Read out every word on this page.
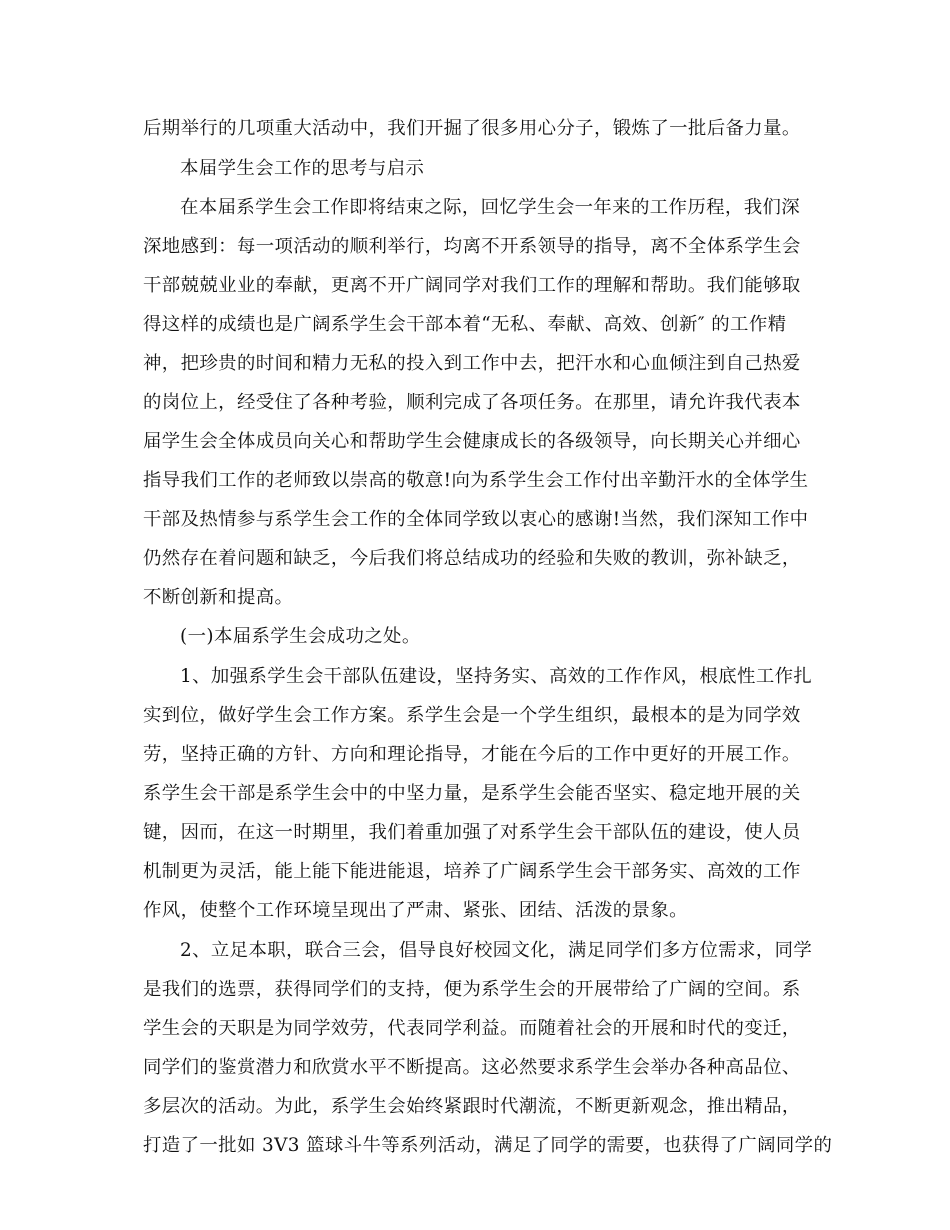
后期举行的几项重大活动中，我们开掘了很多用心分子，锻炼了一批后备力量。
本届学生会工作的思考与启示
在本届系学生会工作即将结束之际，回忆学生会一年来的工作历程，我们深
深地感到：每一项活动的顺利举行，均离不开系领导的指导，离不全体系学生会
干部兢兢业业的奉献，更离不开广阔同学对我们工作的理解和帮助。我们能够取
得这样的成绩也是广阔系学生会干部本着“无私、奉献、高效、创新″ 的工作精
神，把珍贵的时间和精力无私的投入到工作中去，把汗水和心血倾注到自己热爱
的岗位上，经受住了各种考验，顺利完成了各项任务。在那里，请允许我代表本
届学生会全体成员向关心和帮助学生会健康成长的各级领导，向长期关心并细心
指导我们工作的老师致以崇高的敬意!向为系学生会工作付出辛勤汗水的全体学生
干部及热情参与系学生会工作的全体同学致以衷心的感谢!当然，我们深知工作中
仍然存在着问题和缺乏，今后我们将总结成功的经验和失败的教训，弥补缺乏，
不断创新和提高。
(一)本届系学生会成功之处。
1、加强系学生会干部队伍建设，坚持务实、高效的工作作风，根底性工作扎
实到位，做好学生会工作方案。系学生会是一个学生组织，最根本的是为同学效
劳，坚持正确的方针、方向和理论指导，才能在今后的工作中更好的开展工作。
系学生会干部是系学生会中的中坚力量，是系学生会能否坚实、稳定地开展的关
键，因而，在这一时期里，我们着重加强了对系学生会干部队伍的建设，使人员
机制更为灵活，能上能下能进能退，培养了广阔系学生会干部务实、高效的工作
作风，使整个工作环境呈现出了严肃、紧张、团结、活泼的景象。
2、立足本职，联合三会，倡导良好校园文化，满足同学们多方位需求，同学
是我们的选票，获得同学们的支持，便为系学生会的开展带给了广阔的空间。系
学生会的天职是为同学效劳，代表同学利益。而随着社会的开展和时代的变迁，
同学们的鉴赏潜力和欣赏水平不断提高。这必然要求系学生会举办各种高品位、
多层次的活动。为此，系学生会始终紧跟时代潮流，不断更新观念，推出精品，
打造了一批如 3V3 篮球斗牛等系列活动，满足了同学的需要，也获得了广阔同学的
